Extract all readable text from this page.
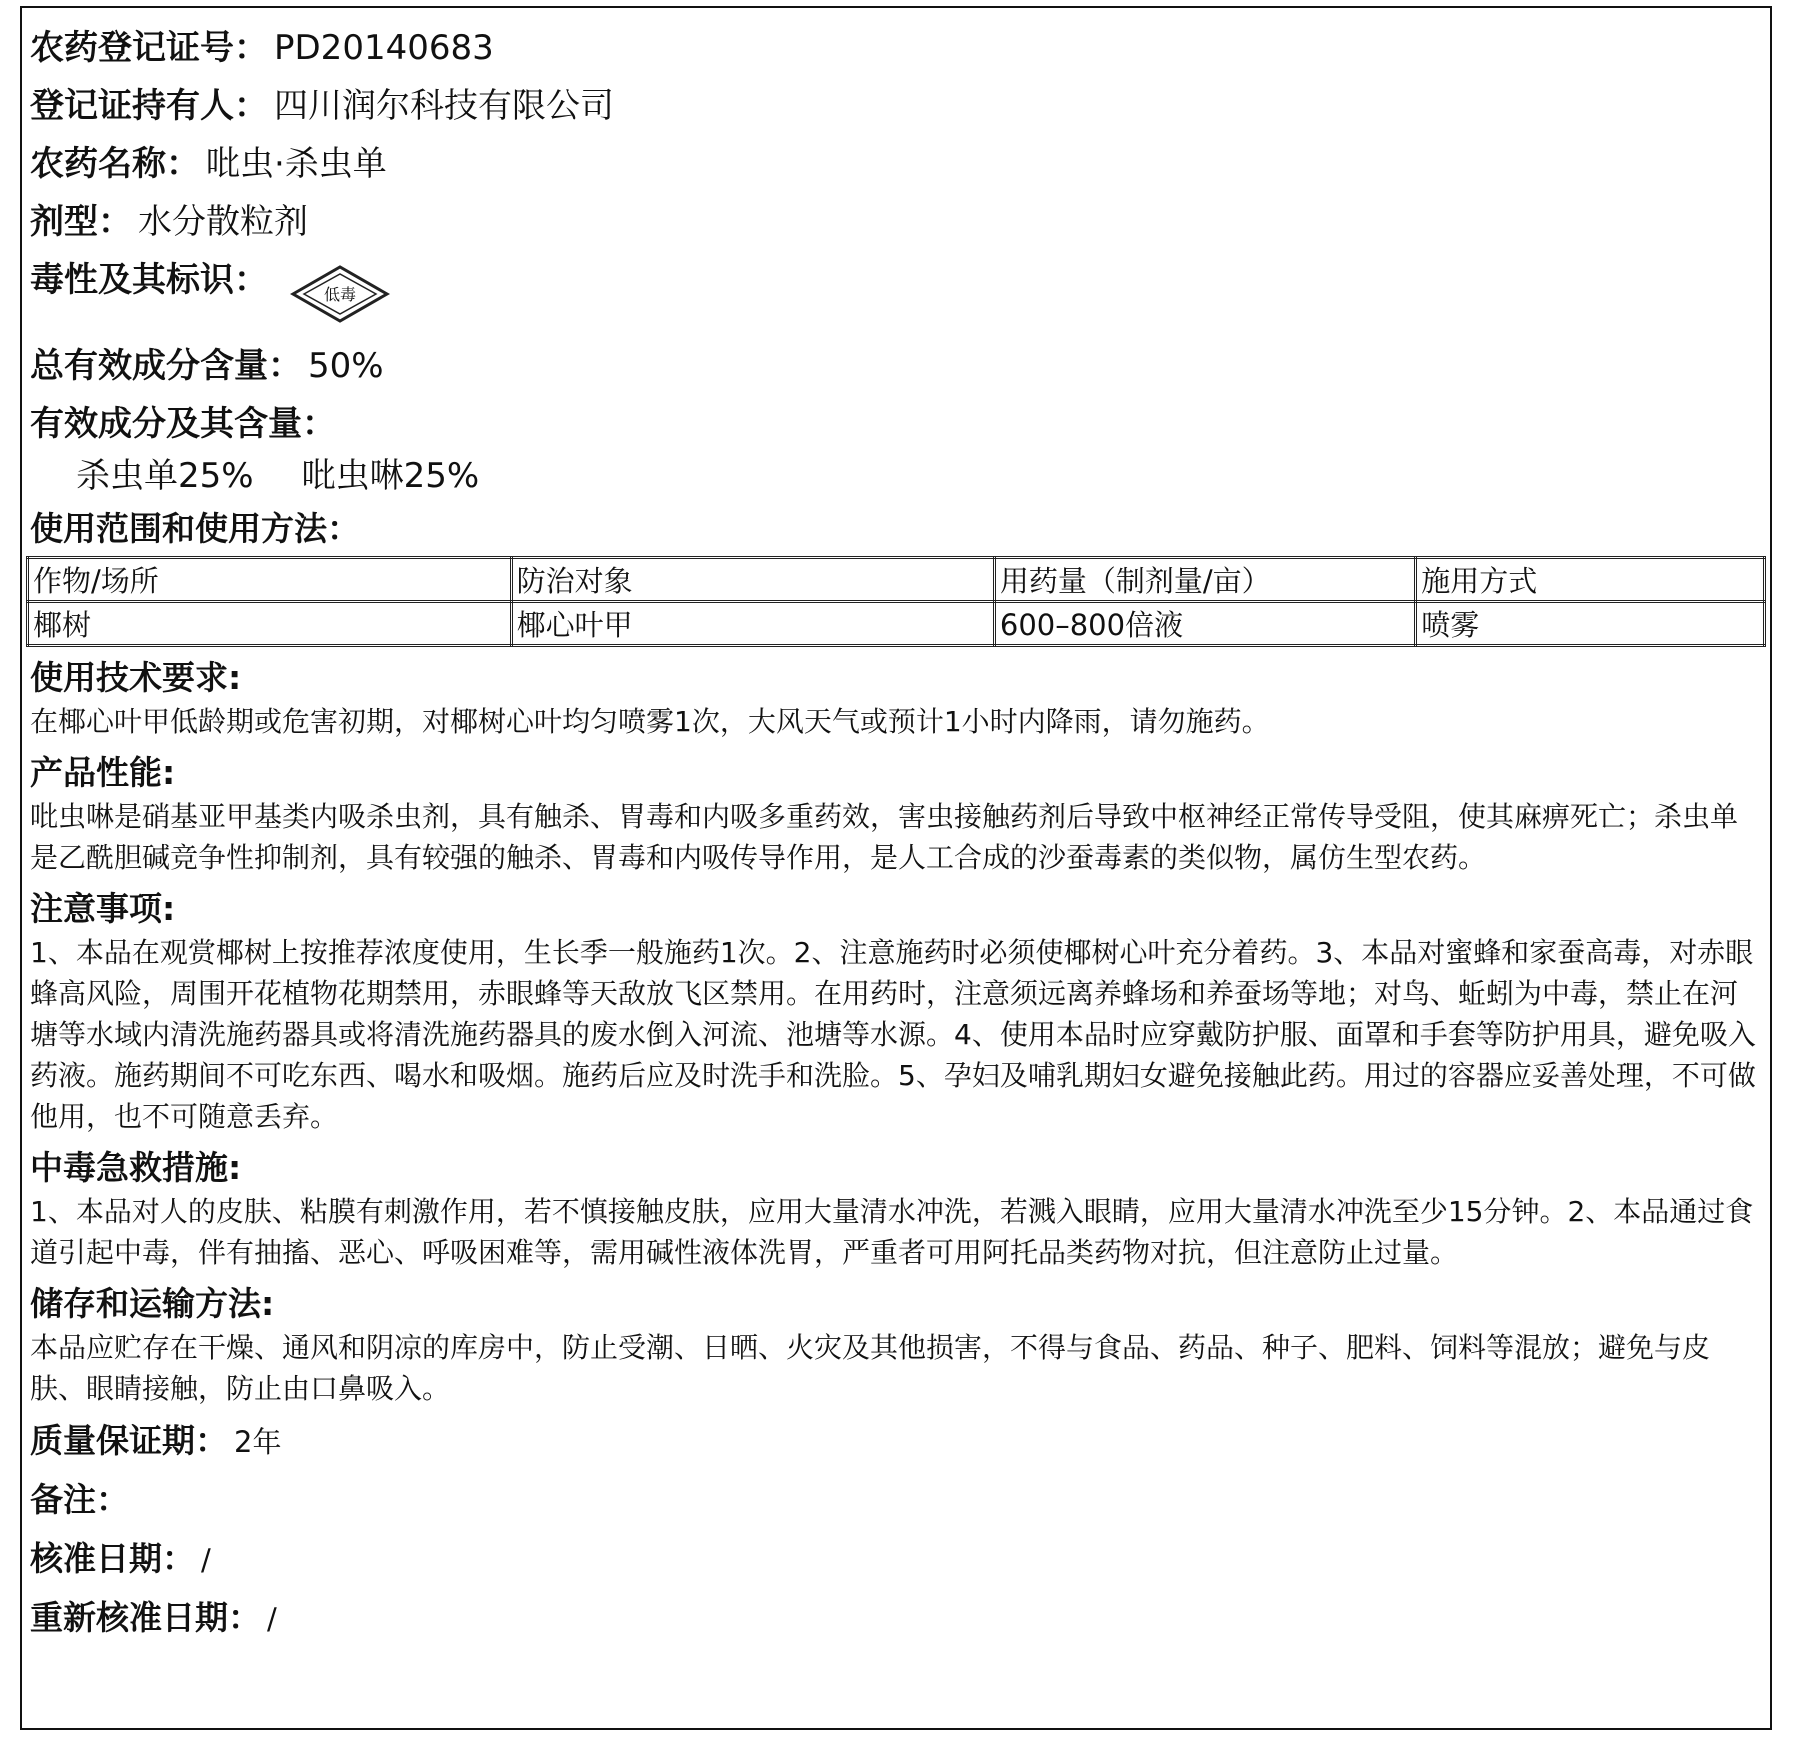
农药登记证号： PD20140683
登记证持有人： 四川润尔科技有限公司
农药名称： 吡虫·杀虫单
剂型： 水分散粒剂
毒性及其标识：	低毒
总有效成分含量： 50%
有效成分及其含量：
杀虫单25% 吡虫啉25%
使用范围和使用方法：
作物/场所	防治对象	用药量（制剂量/亩）	施用方式
椰树	椰心叶甲	600–800倍液	喷雾
使用技术要求:
在椰心叶甲低龄期或危害初期，对椰树心叶均匀喷雾1次，大风天气或预计1小时内降雨，请勿施药。
产品性能:
吡虫啉是硝基亚甲基类内吸杀虫剂，具有触杀、胃毒和内吸多重药效，害虫接触药剂后导致中枢神经正常传导受阻，使其麻痹死亡；杀虫单是乙酰胆碱竞争性抑制剂，具有较强的触杀、胃毒和内吸传导作用，是人工合成的沙蚕毒素的类似物，属仿生型农药。
注意事项:
1、本品在观赏椰树上按推荐浓度使用，生长季一般施药1次。2、注意施药时必须使椰树心叶充分着药。3、本品对蜜蜂和家蚕高毒，对赤眼蜂高风险，周围开花植物花期禁用，赤眼蜂等天敌放飞区禁用。在用药时，注意须远离养蜂场和养蚕场等地；对鸟、蚯蚓为中毒，禁止在河塘等水域内清洗施药器具或将清洗施药器具的废水倒入河流、池塘等水源。4、使用本品时应穿戴防护服、面罩和手套等防护用具，避免吸入药液。施药期间不可吃东西、喝水和吸烟。施药后应及时洗手和洗脸。5、孕妇及哺乳期妇女避免接触此药。用过的容器应妥善处理，不可做他用，也不可随意丢弃。
中毒急救措施:
1、本品对人的皮肤、粘膜有刺激作用，若不慎接触皮肤，应用大量清水冲洗，若溅入眼睛，应用大量清水冲洗至少15分钟。2、本品通过食道引起中毒，伴有抽搐、恶心、呼吸困难等，需用碱性液体洗胃，严重者可用阿托品类药物对抗，但注意防止过量。
储存和运输方法:
本品应贮存在干燥、通风和阴凉的库房中，防止受潮、日晒、火灾及其他损害，不得与食品、药品、种子、肥料、饲料等混放；避免与皮肤、眼睛接触，防止由口鼻吸入。
质量保证期： 2年
备注：
核准日期： /
重新核准日期： /
